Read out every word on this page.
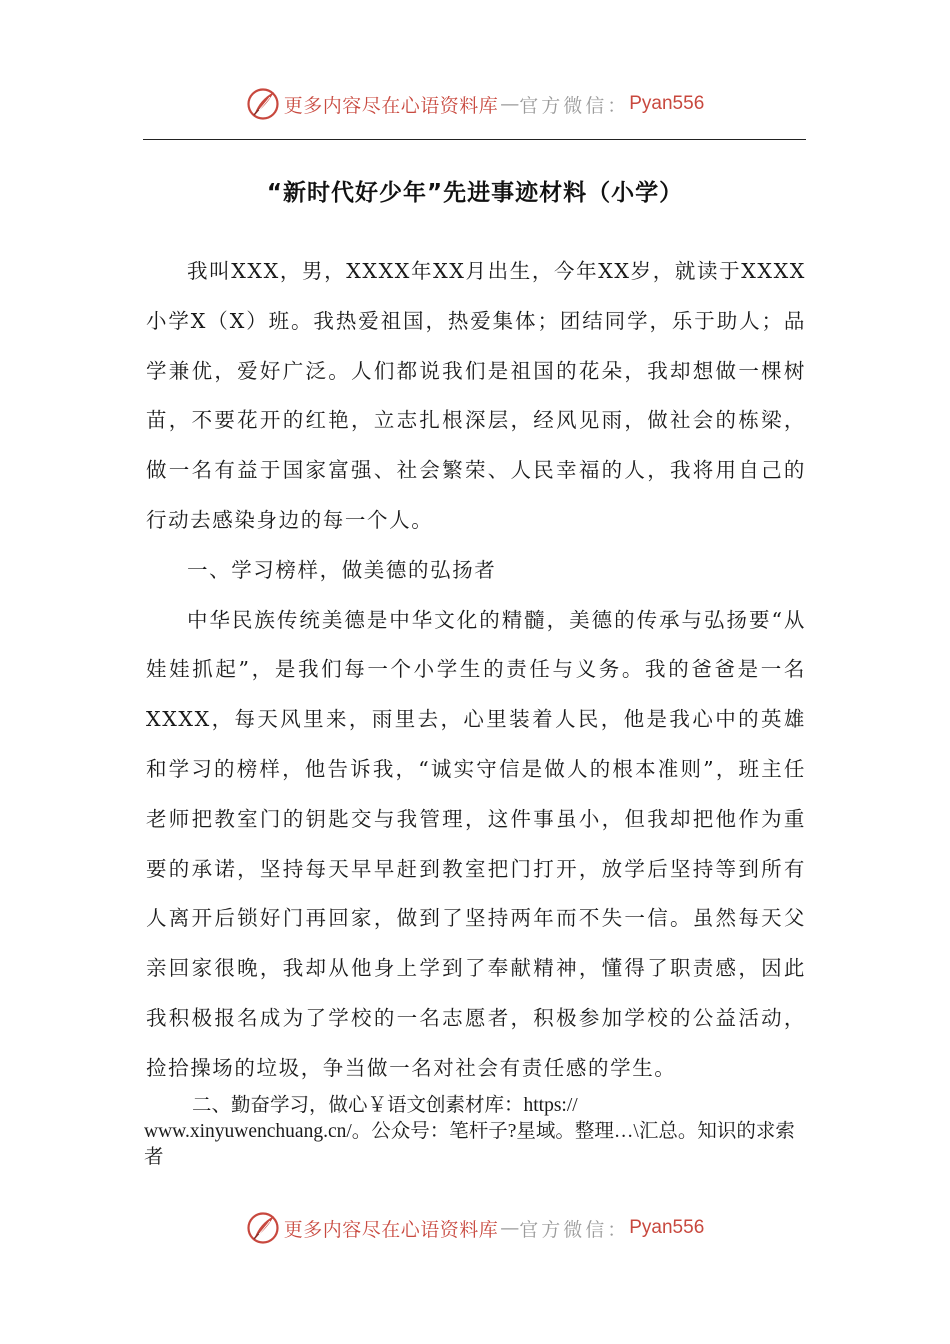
更多内容尽在心语资料库 — 官方微信： Pyan556
“新时代好少年”先进事迹材料（小学）

我叫XXX，男，XXXX年XX月出生，今年XX岁，就读于XXXX小学X（X）班。我热爱祖国，热爱集体；团结同学，乐于助人；品学兼优，爱好广泛。人们都说我们是祖国的花朵，我却想做一棵树苗，不要花开的红艳，立志扎根深层，经风见雨，做社会的栋梁，做一名有益于国家富强、社会繁荣、人民幸福的人，我将用自己的行动去感染身边的每一个人。

一、学习榜样，做美德的弘扬者

中华民族传统美德是中华文化的精髓，美德的传承与弘扬要“从娃娃抓起”，是我们每一个小学生的责任与义务。我的爸爸是一名XXXX，每天风里来，雨里去，心里装着人民，他是我心中的英雄和学习的榜样，他告诉我，“诚实守信是做人的根本准则”，班主任老师把教室门的钥匙交与我管理，这件事虽小，但我却把他作为重要的承诺，坚持每天早早赶到教室把门打开，放学后坚持等到所有人离开后锁好门再回家，做到了坚持两年而不失一信。虽然每天父亲回家很晚，我却从他身上学到了奉献精神，懂得了职责感，因此我积极报名成为了学校的一名志愿者，积极参加学校的公益活动，捡拾操场的垃圾，争当做一名对社会有责任感的学生。

二、勤奋学习，做心￥语文创素材库：https://
www.xinyuwenchuang.cn/。公众号：笔杆子?星域。整理…\汇总。知识的求索
者
更多内容尽在心语资料库 — 官方微信： Pyan556
